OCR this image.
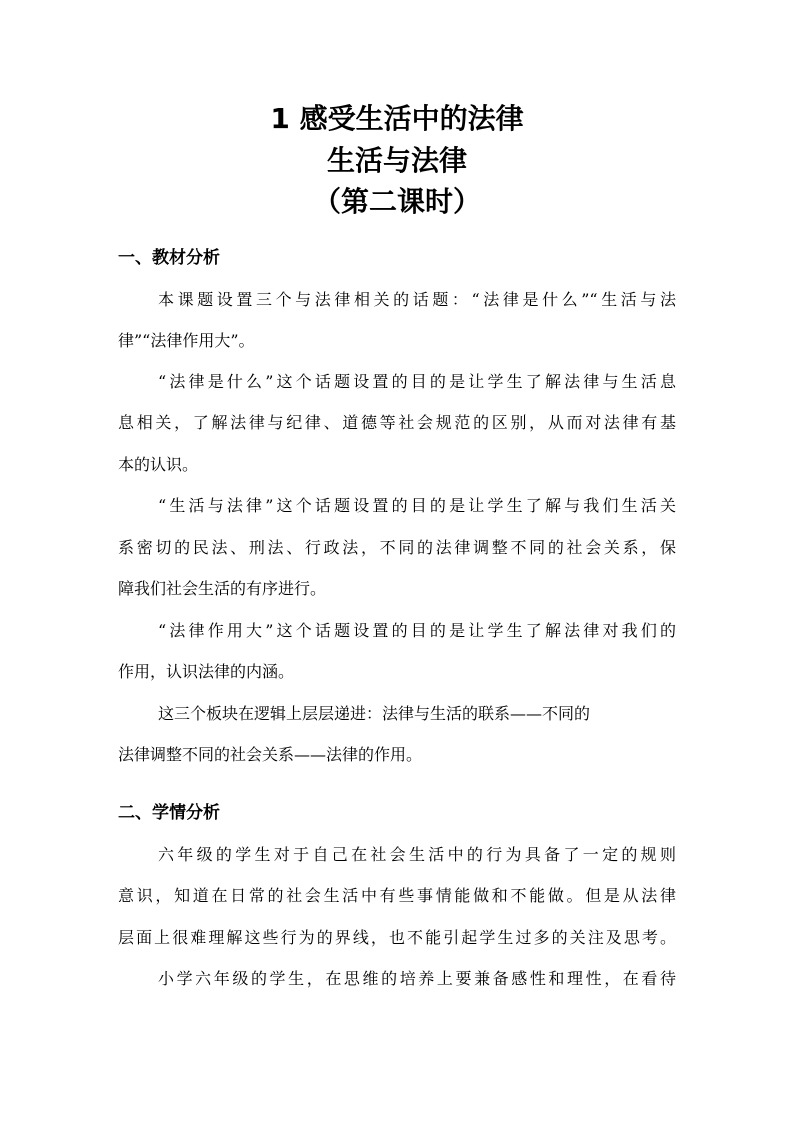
1 感受生活中的法律
生活与法律
（第二课时）
一、教材分析
本课题设置三个与法律相关的话题：“法律是什么”“生活与法
律”“法律作用大”。
“法律是什么”这个话题设置的目的是让学生了解法律与生活息
息相关，了解法律与纪律、道德等社会规范的区别，从而对法律有基
本的认识。
“生活与法律”这个话题设置的目的是让学生了解与我们生活关
系密切的民法、刑法、行政法，不同的法律调整不同的社会关系，保
障我们社会生活的有序进行。
“法律作用大”这个话题设置的目的是让学生了解法律对我们的
作用，认识法律的内涵。
这三个板块在逻辑上层层递进：法律与生活的联系——不同的
法律调整不同的社会关系——法律的作用。
二、学情分析
六年级的学生对于自己在社会生活中的行为具备了一定的规则
意识，知道在日常的社会生活中有些事情能做和不能做。但是从法律
层面上很难理解这些行为的界线，也不能引起学生过多的关注及思考。
小学六年级的学生，在思维的培养上要兼备感性和理性，在看待
